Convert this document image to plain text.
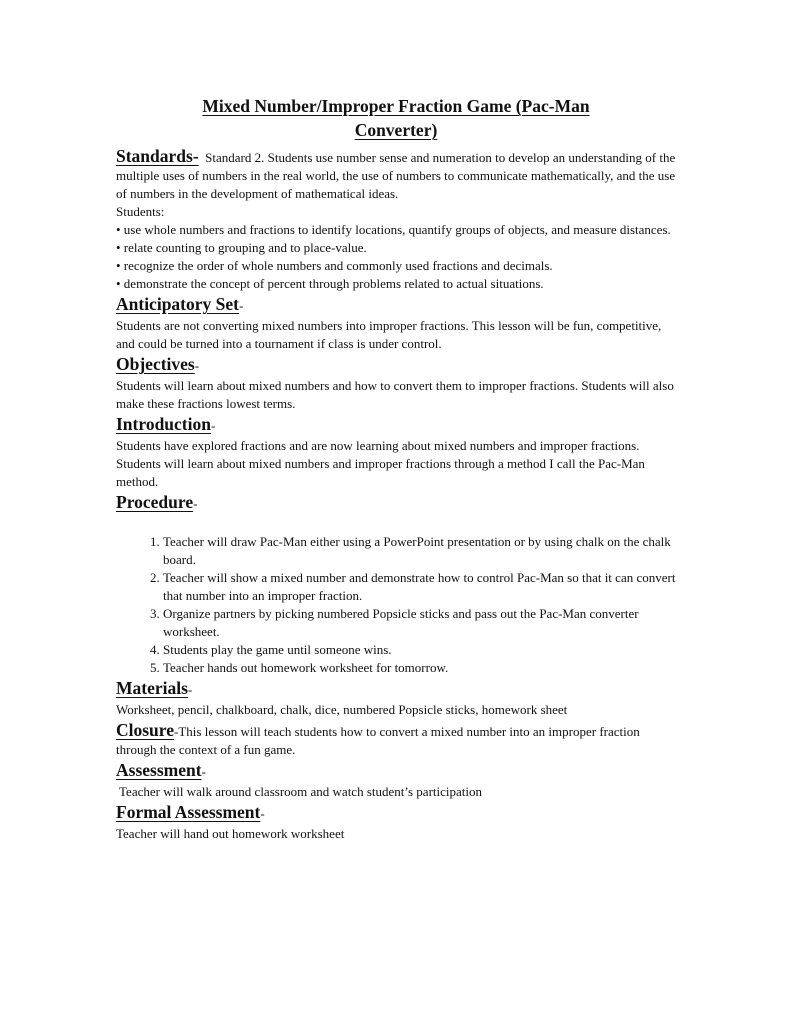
Mixed Number/Improper Fraction Game (Pac-Man
Converter)

Standards- Standard 2. Students use number sense and numeration to develop an understanding of the multiple uses of numbers in the real world, the use of numbers to communicate mathematically, and the use of numbers in the development of mathematical ideas.

Students:

• use whole numbers and fractions to identify locations, quantify groups of objects, and measure distances.

• relate counting to grouping and to place-value.

• recognize the order of whole numbers and commonly used fractions and decimals.

• demonstrate the concept of percent through problems related to actual situations.

Anticipatory Set-

Students are not converting mixed numbers into improper fractions. This lesson will be fun, competitive, and could be turned into a tournament if class is under control.

Objectives-

Students will learn about mixed numbers and how to convert them to improper fractions. Students will also make these fractions lowest terms.

Introduction-

Students have explored fractions and are now learning about mixed numbers and improper fractions. Students will learn about mixed numbers and improper fractions through a method I call the Pac-Man method.

Procedure-

1. Teacher will draw Pac-Man either using a PowerPoint presentation or by using chalk on the chalk board.
2. Teacher will show a mixed number and demonstrate how to control Pac-Man so that it can convert that number into an improper fraction.
3. Organize partners by picking numbered Popsicle sticks and pass out the Pac-Man converter worksheet.
4. Students play the game until someone wins.
5. Teacher hands out homework worksheet for tomorrow.

Materials-

Worksheet, pencil, chalkboard, chalk, dice, numbered Popsicle sticks, homework sheet

Closure-This lesson will teach students how to convert a mixed number into an improper fraction through the context of a fun game.

Assessment-

Teacher will walk around classroom and watch student’s participation

Formal Assessment-

Teacher will hand out homework worksheet
